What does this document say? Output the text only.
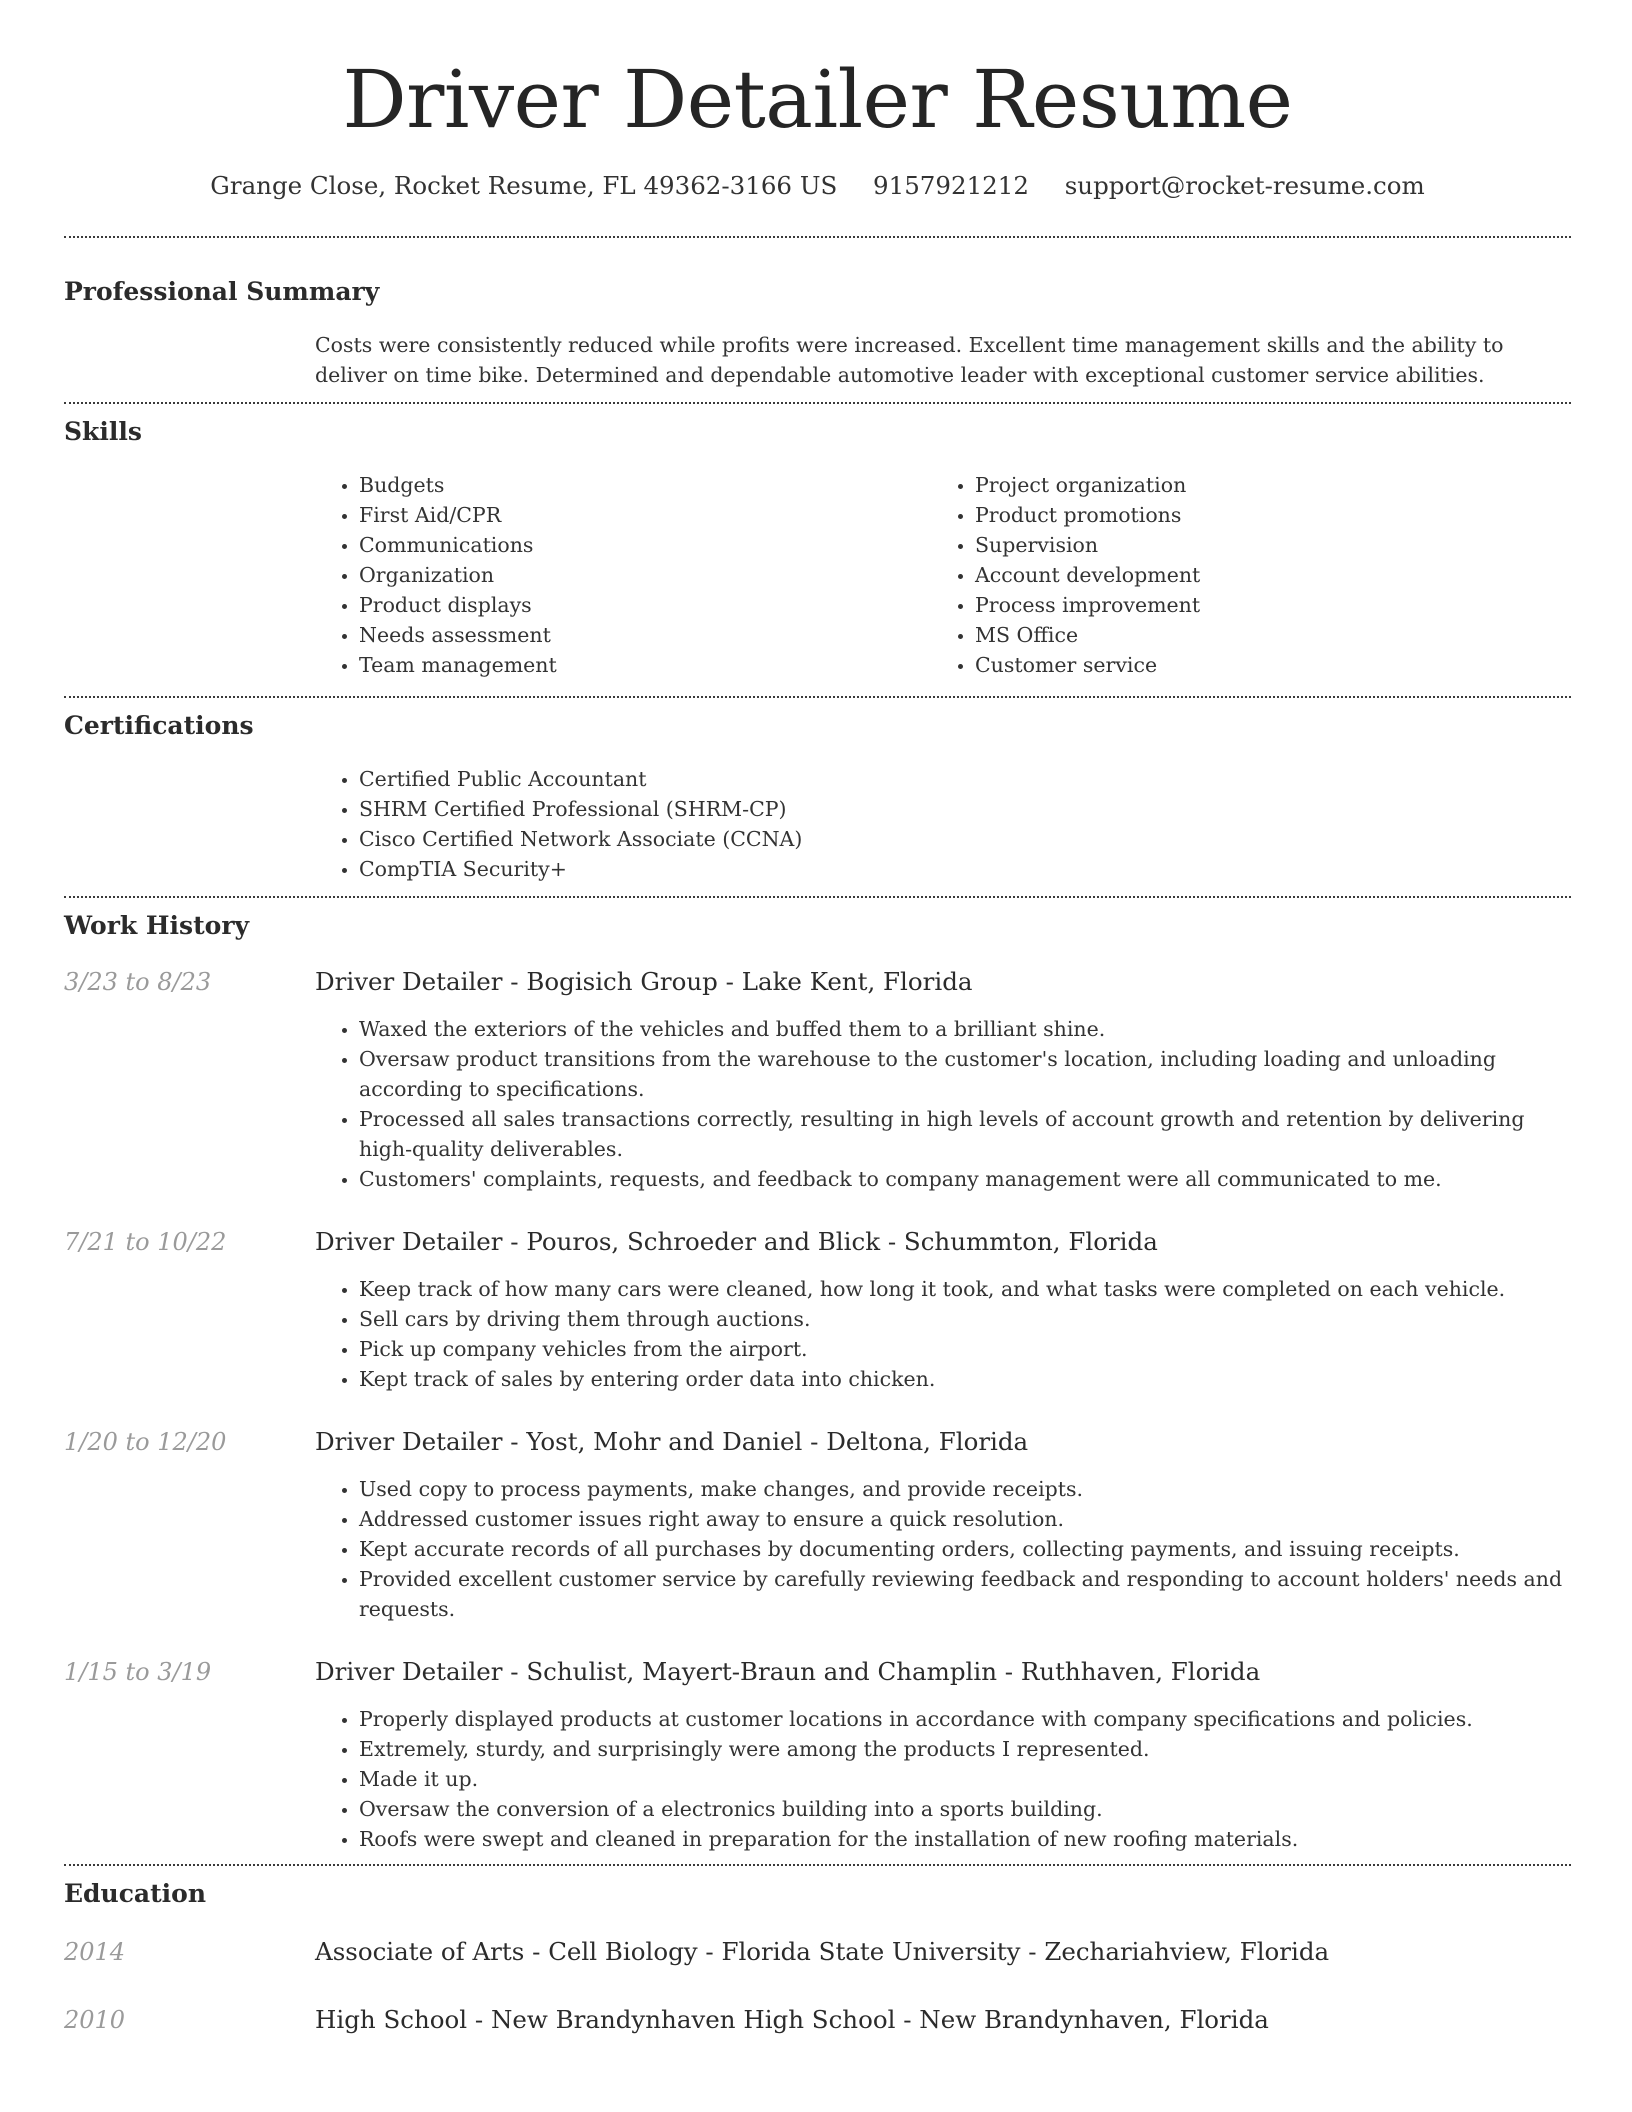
Driver Detailer Resume
Grange Close, Rocket Resume, FL 49362-3166 US 9157921212 support@rocket-resume.com
Professional Summary

Costs were consistently reduced while profits were increased. Excellent time management skills and the ability to deliver on time bike. Determined and dependable automotive leader with exceptional customer service abilities.

Skills
• Budgets
• First Aid/CPR
• Communications
• Organization
• Product displays
• Needs assessment
• Team management
• Project organization
• Product promotions
• Supervision
• Account development
• Process improvement
• MS Office
• Customer service
Certifications
• Certified Public Accountant
• SHRM Certified Professional (SHRM-CP)
• Cisco Certified Network Associate (CCNA)
• CompTIA Security+
Work History
3/23 to 8/23	Driver Detailer - Bogisich Group - Lake Kent, Florida
• Waxed the exteriors of the vehicles and buffed them to a brilliant shine.
• Oversaw product transitions from the warehouse to the customer's location, including loading and unloading according to specifications.
• Processed all sales transactions correctly, resulting in high levels of account growth and retention by delivering high-quality deliverables.
• Customers' complaints, requests, and feedback to company management were all communicated to me.
7/21 to 10/22	Driver Detailer - Pouros, Schroeder and Blick - Schummton, Florida
• Keep track of how many cars were cleaned, how long it took, and what tasks were completed on each vehicle.
• Sell cars by driving them through auctions.
• Pick up company vehicles from the airport.
• Kept track of sales by entering order data into chicken.
1/20 to 12/20	Driver Detailer - Yost, Mohr and Daniel - Deltona, Florida
• Used copy to process payments, make changes, and provide receipts.
• Addressed customer issues right away to ensure a quick resolution.
• Kept accurate records of all purchases by documenting orders, collecting payments, and issuing receipts.
• Provided excellent customer service by carefully reviewing feedback and responding to account holders' needs and requests.
1/15 to 3/19	Driver Detailer - Schulist, Mayert-Braun and Champlin - Ruthhaven, Florida
• Properly displayed products at customer locations in accordance with company specifications and policies.
• Extremely, sturdy, and surprisingly were among the products I represented.
• Made it up.
• Oversaw the conversion of a electronics building into a sports building.
• Roofs were swept and cleaned in preparation for the installation of new roofing materials.
Education
2014	Associate of Arts - Cell Biology - Florida State University - Zechariahview, Florida
2010	High School - New Brandynhaven High School - New Brandynhaven, Florida
